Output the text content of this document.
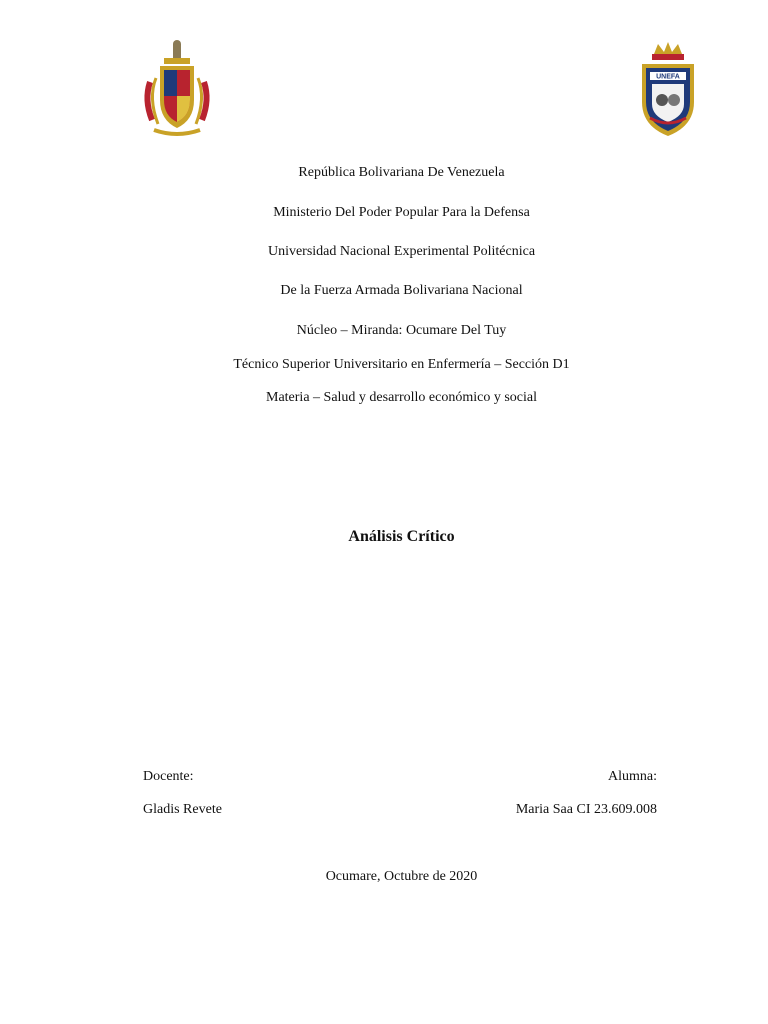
UNEFA
República Bolivariana De Venezuela
Ministerio Del Poder Popular Para la Defensa
Universidad Nacional Experimental Politécnica
De la Fuerza Armada Bolivariana Nacional
Núcleo – Miranda: Ocumare Del Tuy
Técnico Superior Universitario en Enfermería – Sección D1
Materia – Salud y desarrollo económico y social
Análisis Crítico
Docente:
Gladis Revete
Alumna:
Maria Saa CI 23.609.008
Ocumare, Octubre de 2020
